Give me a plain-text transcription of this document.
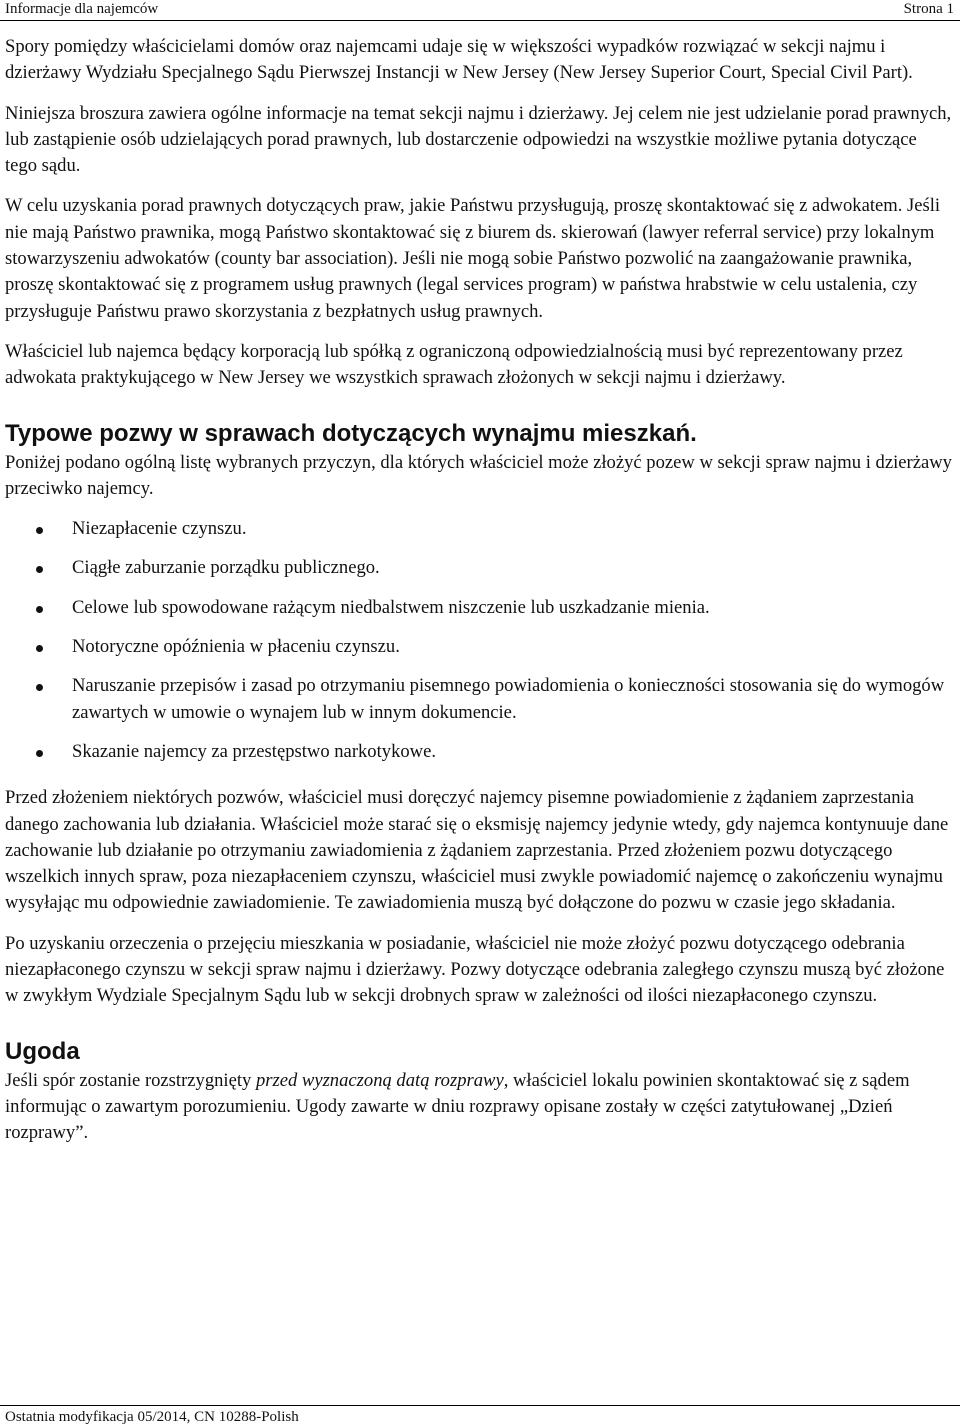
Informacje dla najemców	Strona 1

Spory pomiędzy właścicielami domów oraz najemcami udaje się w większości wypadków rozwiązać w sekcji najmu i dzierżawy Wydziału Specjalnego Sądu Pierwszej Instancji w New Jersey (New Jersey Superior Court, Special Civil Part).

Niniejsza broszura zawiera ogólne informacje na temat sekcji najmu i dzierżawy. Jej celem nie jest udzielanie porad prawnych, lub zastąpienie osób udzielających porad prawnych, lub dostarczenie odpowiedzi na wszystkie możliwe pytania dotyczące tego sądu.

W celu uzyskania porad prawnych dotyczących praw, jakie Państwu przysługują, proszę skontaktować się z adwokatem. Jeśli nie mają Państwo prawnika, mogą Państwo skontaktować się z biurem ds. skierowań (lawyer referral service) przy lokalnym stowarzyszeniu adwokatów (county bar association). Jeśli nie mogą sobie Państwo pozwolić na zaangażowanie prawnika, proszę skontaktować się z programem usług prawnych (legal services program) w państwa hrabstwie w celu ustalenia, czy przysługuje Państwu prawo skorzystania z bezpłatnych usług prawnych.

Właściciel lub najemca będący korporacją lub spółką z ograniczoną odpowiedzialnością musi być reprezentowany przez adwokata praktykującego w New Jersey we wszystkich sprawach złożonych w sekcji najmu i dzierżawy.

Typowe pozwy w sprawach dotyczących wynajmu mieszkań.

Poniżej podano ogólną listę wybranych przyczyn, dla których właściciel może złożyć pozew w sekcji spraw najmu i dzierżawy przeciwko najemcy.

Niezapłacenie czynszu.
Ciągłe zaburzanie porządku publicznego.
Celowe lub spowodowane rażącym niedbalstwem niszczenie lub uszkadzanie mienia.
Notoryczne opóźnienia w płaceniu czynszu.
Naruszanie przepisów i zasad po otrzymaniu pisemnego powiadomienia o konieczności stosowania się do wymogów zawartych w umowie o wynajem lub w innym dokumencie.
Skazanie najemcy za przestępstwo narkotykowe.

Przed złożeniem niektórych pozwów, właściciel musi doręczyć najemcy pisemne powiadomienie z żądaniem zaprzestania danego zachowania lub działania. Właściciel może starać się o eksmisję najemcy jedynie wtedy, gdy najemca kontynuuje dane zachowanie lub działanie po otrzymaniu zawiadomienia z żądaniem zaprzestania. Przed złożeniem pozwu dotyczącego wszelkich innych spraw, poza niezapłaceniem czynszu, właściciel musi zwykle powiadomić najemcę o zakończeniu wynajmu wysyłając mu odpowiednie zawiadomienie. Te zawiadomienia muszą być dołączone do pozwu w czasie jego składania.

Po uzyskaniu orzeczenia o przejęciu mieszkania w posiadanie, właściciel nie może złożyć pozwu dotyczącego odebrania niezapłaconego czynszu w sekcji spraw najmu i dzierżawy. Pozwy dotyczące odebrania zaległego czynszu muszą być złożone w zwykłym Wydziale Specjalnym Sądu lub w sekcji drobnych spraw w zależności od ilości niezapłaconego czynszu.

Ugoda

Jeśli spór zostanie rozstrzygnięty przed wyznaczoną datą rozprawy, właściciel lokalu powinien skontaktować się z sądem informując o zawartym porozumieniu. Ugody zawarte w dniu rozprawy opisane zostały w części zatytułowanej „Dzień rozprawy”.

Ostatnia modyfikacja 05/2014, CN 10288-Polish
